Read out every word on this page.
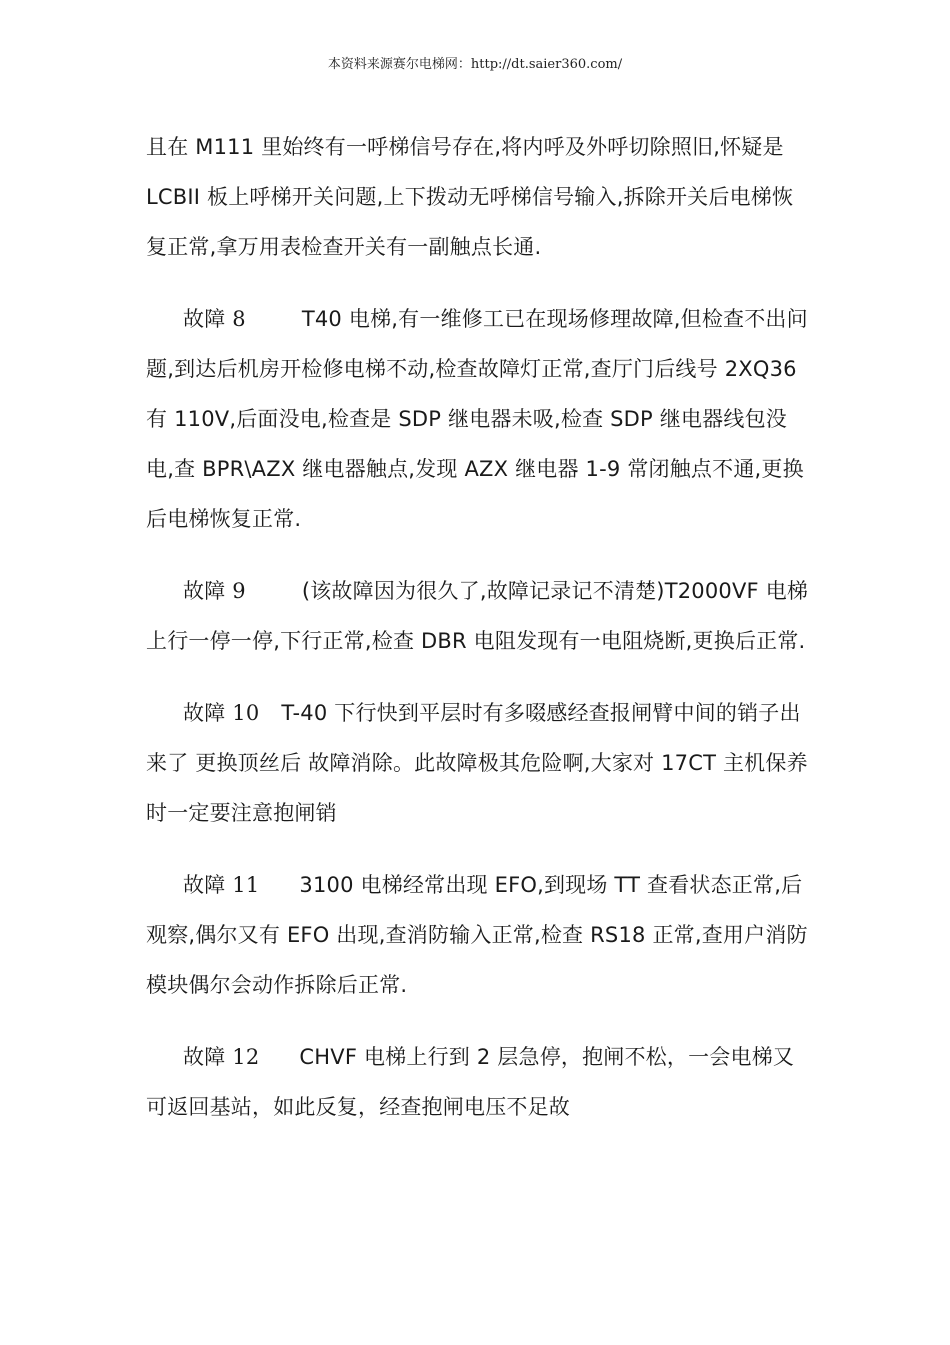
本资料来源赛尔电梯网：http://dt.saier360.com/

且在 M111 里始终有一呼梯信号存在,将内呼及外呼切除照旧,怀疑是 LCBII 板上呼梯开关问题,上下拨动无呼梯信号输入,拆除开关后电梯恢复正常,拿万用表检查开关有一副触点长通.

故障 8	T40 电梯,有一维修工已在现场修理故障,但检查不出问题,到达后机房开检修电梯不动,检查故障灯正常,查厅门后线号 2XQ36 有 110V,后面没电,检查是 SDP 继电器未吸,检查 SDP 继电器线包没电,查 BPR\AZX 继电器触点,发现 AZX 继电器 1-9 常闭触点不通,更换后电梯恢复正常.

故障 9	(该故障因为很久了,故障记录记不清楚)T2000VF 电梯上行一停一停,下行正常,检查 DBR 电阻发现有一电阻烧断,更换后正常.

故障 10 T-40 下行快到平层时有多啜感经查报闸臂中间的销子出来了 更换顶丝后 故障消除。此故障极其危险啊,大家对 17CT 主机保养时一定要注意抱闸销

故障 11 3100 电梯经常出现 EFO,到现场 TT 查看状态正常,后观察,偶尔又有 EFO 出现,查消防输入正常,检查 RS18 正常,查用户消防模块偶尔会动作拆除后正常.

故障 12 CHVF 电梯上行到 2 层急停，抱闸不松，一会电梯又可返回基站，如此反复，经查抱闸电压不足故
